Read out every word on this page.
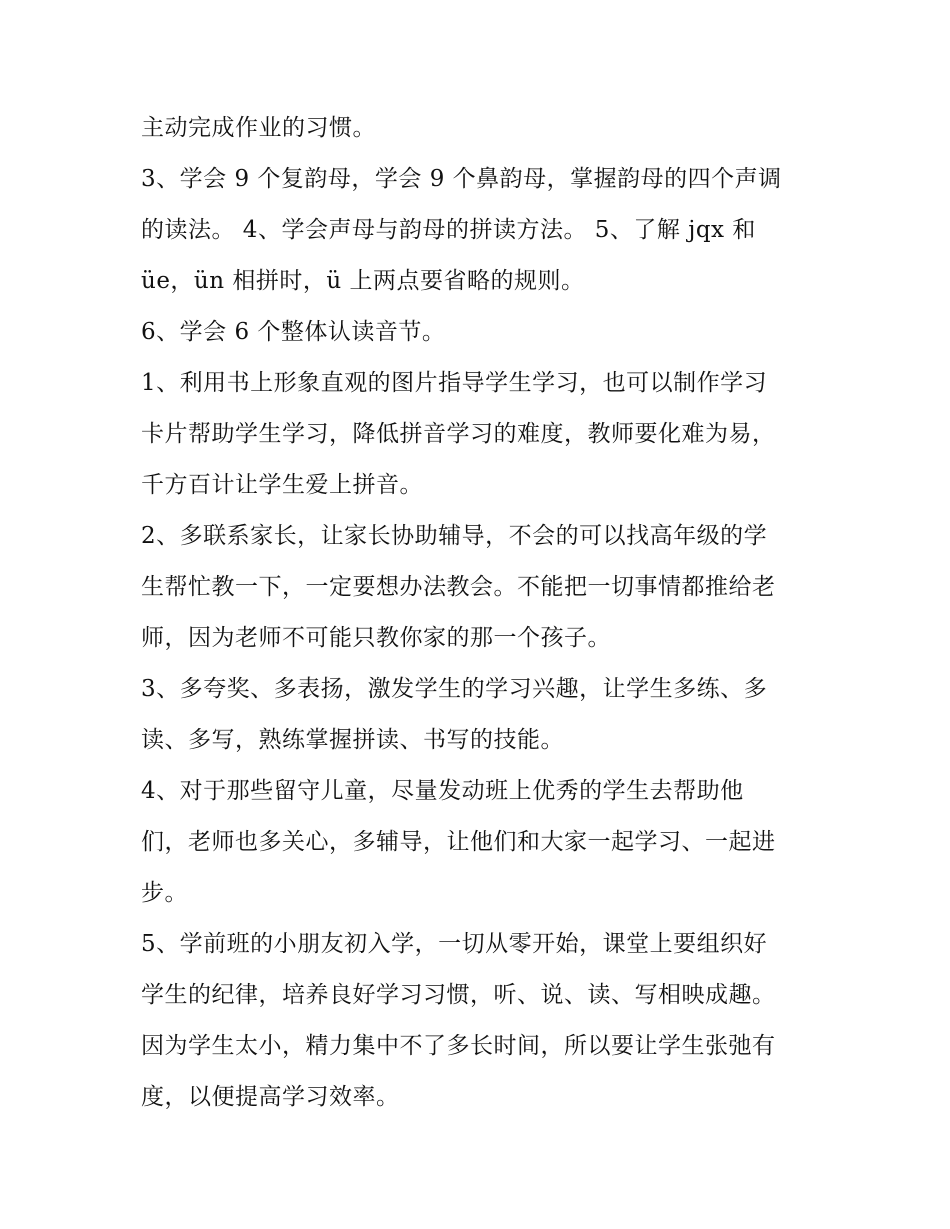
主动完成作业的习惯。

3、学会 9 个复韵母，学会 9 个鼻韵母，掌握韵母的四个声调

的读法。 4、学会声母与韵母的拼读方法。 5、了解 jqx 和

üe，ün 相拼时，ü 上两点要省略的规则。

6、学会 6 个整体认读音节。

1、利用书上形象直观的图片指导学生学习，也可以制作学习

卡片帮助学生学习，降低拼音学习的难度，教师要化难为易，

千方百计让学生爱上拼音。

2、多联系家长，让家长协助辅导，不会的可以找高年级的学

生帮忙教一下，一定要想办法教会。不能把一切事情都推给老

师，因为老师不可能只教你家的那一个孩子。

3、多夸奖、多表扬，激发学生的学习兴趣，让学生多练、多

读、多写，熟练掌握拼读、书写的技能。

4、对于那些留守儿童，尽量发动班上优秀的学生去帮助他

们，老师也多关心，多辅导，让他们和大家一起学习、一起进

步。

5、学前班的小朋友初入学，一切从零开始，课堂上要组织好

学生的纪律，培养良好学习习惯，听、说、读、写相映成趣。

因为学生太小，精力集中不了多长时间，所以要让学生张弛有

度，以便提高学习效率。
